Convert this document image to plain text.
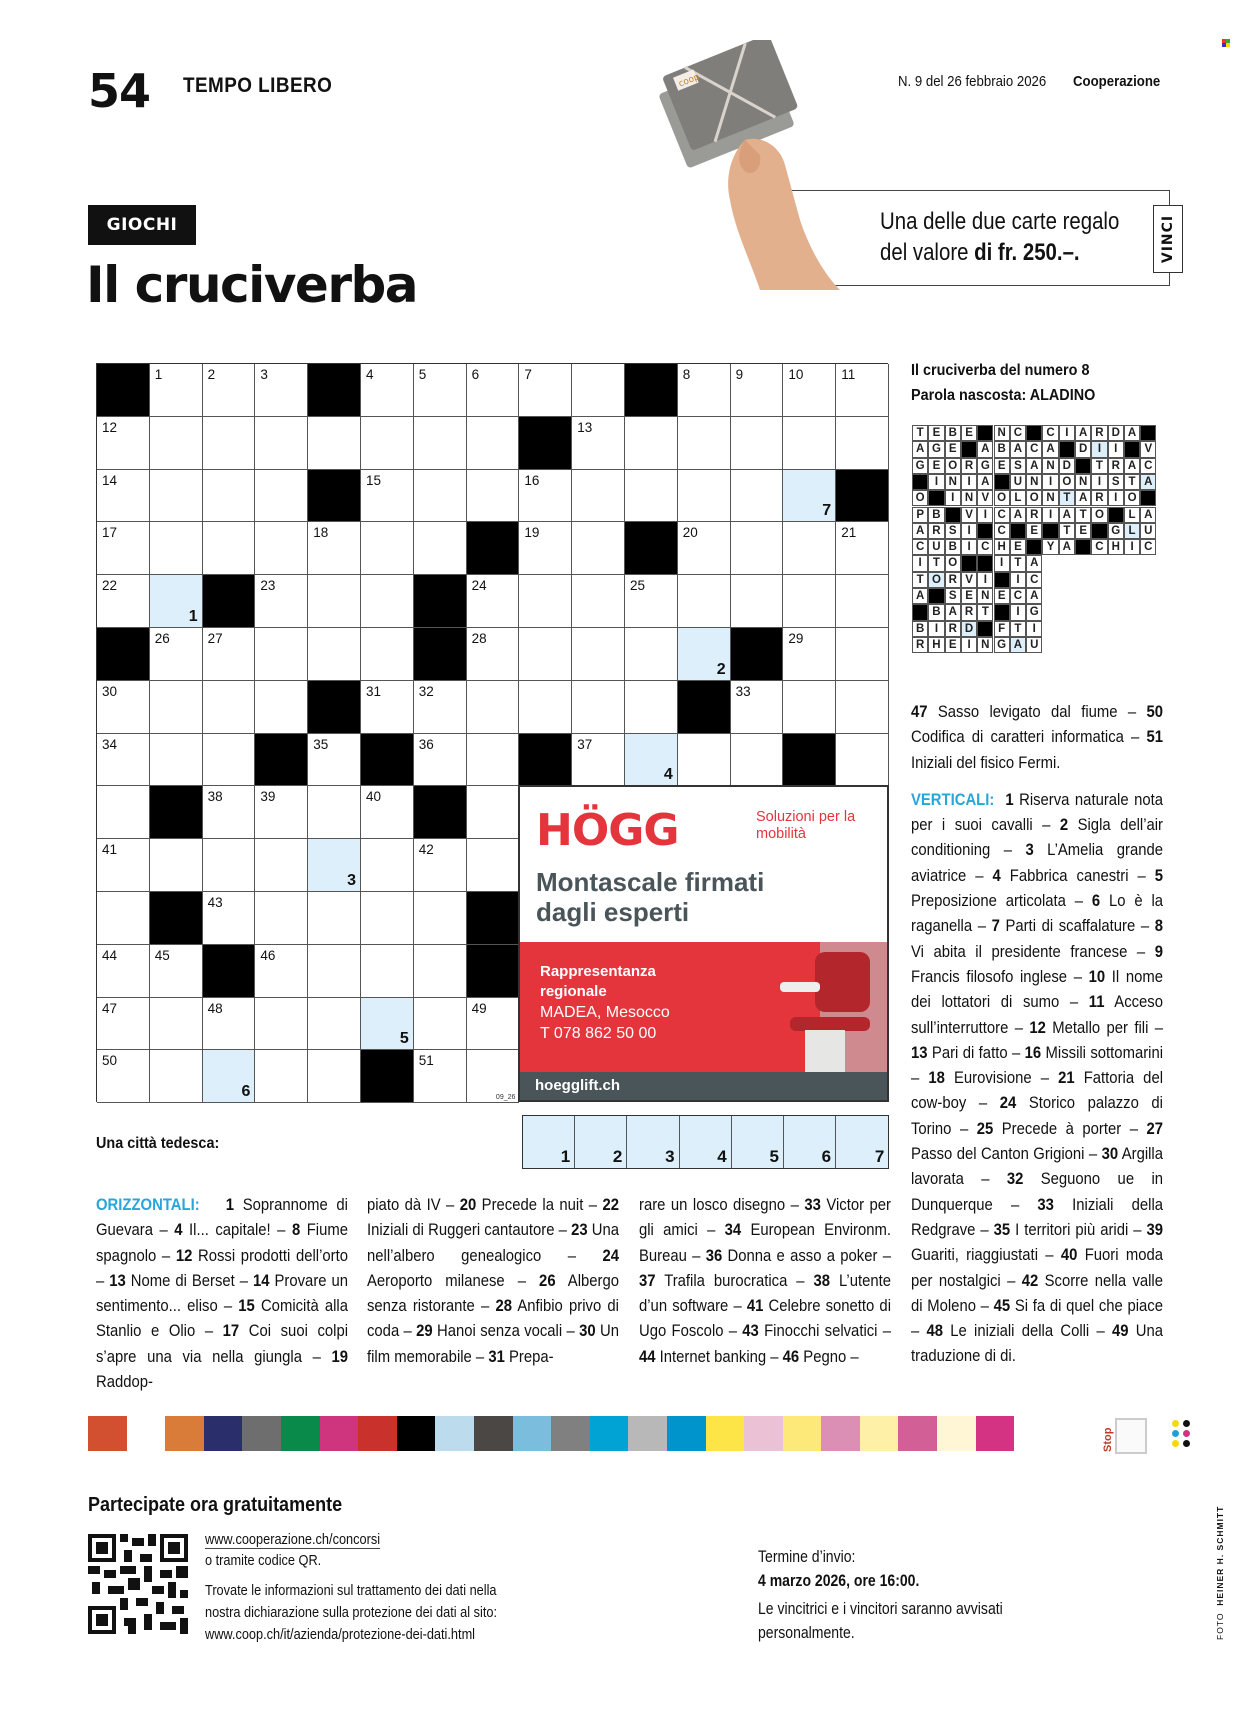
54 TEMPO LIBERO	N. 9 del 26 febbraio 2026 Cooperazione
coop
Una delle due carte regalo
del valore di fr. 250.–.	VINCI
GIOCHI
Il cruciverba
1	2	3	4	5	6	7	8	9	10	11
12	13
14	15	16
7
17	18	19	20	21
22
1
23	24	25
26	27	28
2
29
30	31	32	33
34	35	36	37
4
38	39	40
41
3
42
43
44	45	46
47	48
5
49
50
6
51
09_26
HÖGG	Soluzioni per la mobilità
Montascale firmati
dagli esperti
Rappresentanza
regionale
MADEA, Mesocco
T 078 862 50 00
hoegglift.ch
Una città tedesca:
1	2	3	4	5	6	7
Il cruciverba del numero 8
Parola nascosta: ALADINO
T E B E	N C	C I A R D A
A G E	A B A C A	D I	I	V
G E O R G E S A N D	T R A C
I N I A	U N I O N I S T A
O	I N V O L O N T A R I O
P B	V I C A R I A T O	L A
A R S I	C	E	T E	G L U
C U B I C H E	Y A	C H I C
I T O	I T A
T O R V I	I C
A	S E N E C A
B A R T	I G
B I R D	F T I
R H E I N G A U
ORIZZONTALI: 1 Soprannome di Guevara – 4 Il... capitale! – 8 Fiume spagnolo – 12 Rossi prodotti dell’orto – 13 Nome di Berset – 14 Provare un sentimento... eliso – 15 Comicità alla Stanlio e Olio – 17 Coi suoi colpi s’apre una via nella giungla – 19 Raddop-
piato dà IV – 20 Precede la nuit – 22 Iniziali di Ruggeri cantautore – 23 Una nell’albero genealogico – 24 Aeroporto milanese – 26 Albergo senza ristorante – 28 Anfibio privo di coda – 29 Hanoi senza vocali – 30 Un film memorabile – 31 Prepa-
rare un losco disegno – 33 Victor per gli amici – 34 European Environm. Bureau – 36 Donna e asso a poker – 37 Trafila burocratica – 38 L’utente d’un software – 41 Celebre sonetto di Ugo Foscolo – 43 Finocchi selvatici – 44 Internet banking – 46 Pegno –
47 Sasso levigato dal fiume – 50 Codifica di caratteri informatica – 51 Iniziali del fisico Fermi.
VERTICALI: 1 Riserva naturale nota per i suoi cavalli – 2 Sigla dell’air conditioning – 3 L’Amelia grande aviatrice – 4 Fabbrica canestri – 5 Preposizione articolata – 6 Lo è la raganella – 7 Parti di scaffalature – 8 Vi abita il presidente francese – 9 Francis filosofo inglese – 10 Il nome dei lottatori di sumo – 11 Acceso sull’interruttore – 12 Metallo per fili – 13 Pari di fatto – 16 Missili sottomarini – 18 Eurovisione – 21 Fattoria del cow-boy – 24 Storico palazzo di Torino – 25 Precede à porter – 27 Passo del Canton Grigioni – 30 Argilla lavorata – 32 Seguono ue in Dunquerque – 33 Iniziali della Redgrave – 35 I territori più aridi – 39 Guariti, riaggiustati – 40 Fuori moda per nostalgici – 42 Scorre nella valle di Moleno – 45 Si fa di quel che piace – 48 Le iniziali della Colli – 49 Una traduzione di di.
Stop
Partecipate ora gratuitamente
www.cooperazione.ch/concorsi
o tramite codice QR.
Trovate le informazioni sul trattamento dei dati nella
nostra dichiarazione sulla protezione dei dati al sito:
www.coop.ch/it/azienda/protezione-dei-dati.html
Termine d’invio:
4 marzo 2026, ore 16:00.
Le vincitrici e i vincitori saranno avvisati
personalmente.	FOTO  HEINER H. SCHMITT
